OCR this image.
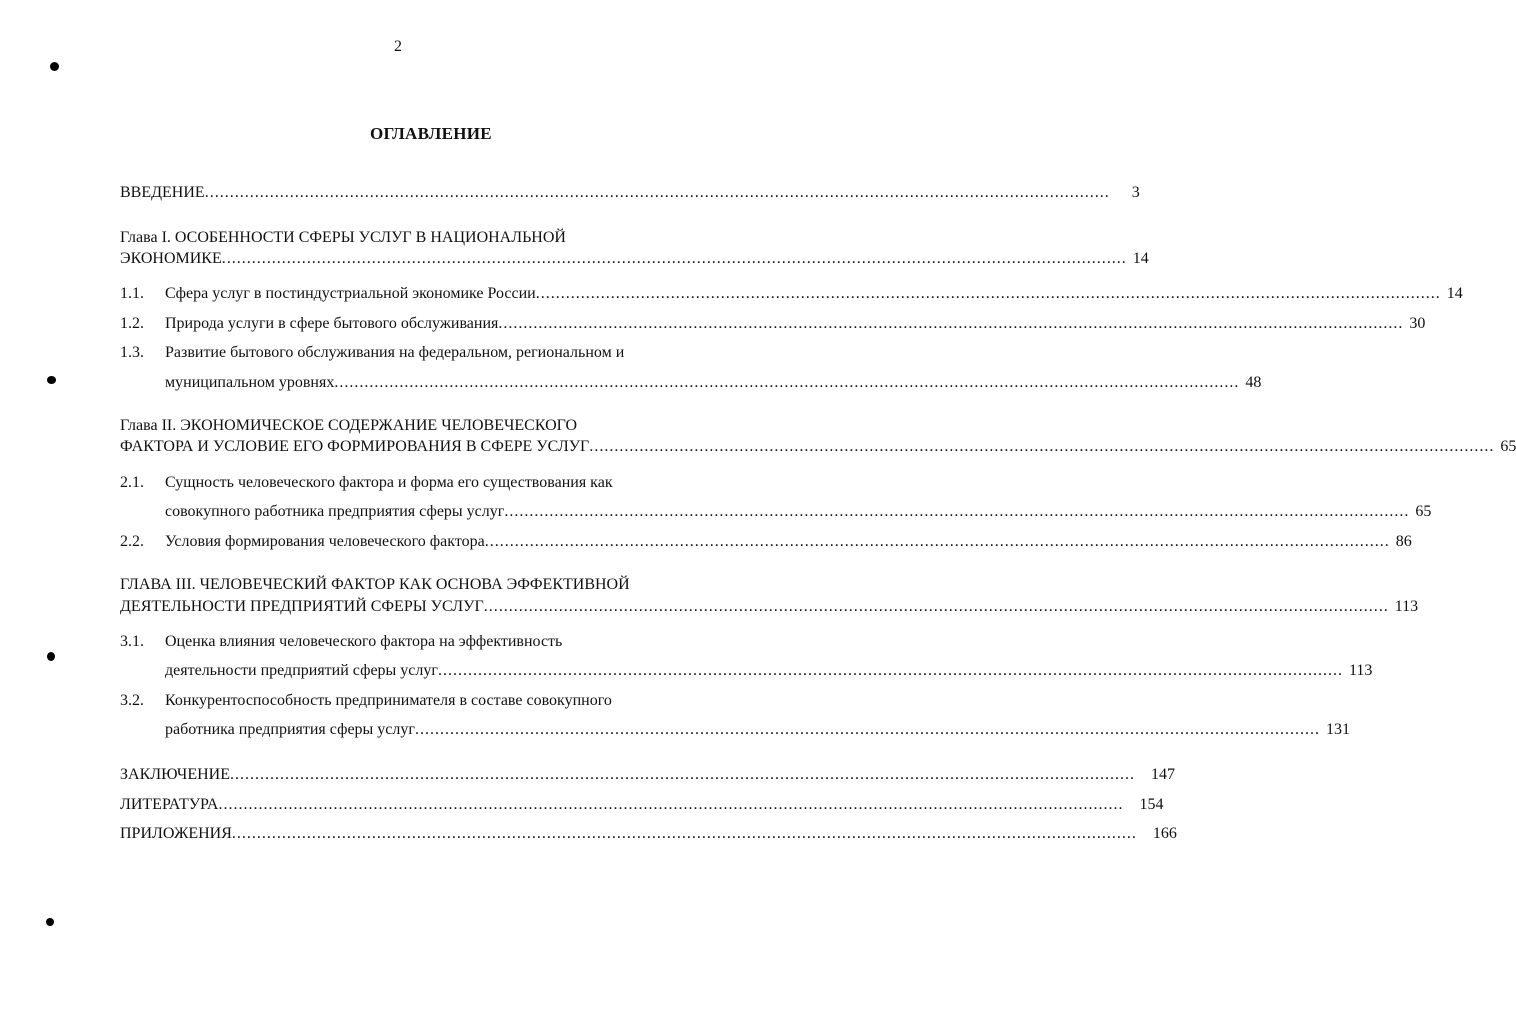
2
ОГЛАВЛЕНИЕ
ВВЕДЕНИЕ .....................................................................................................................................................................................	3
Глава I. ОСОБЕННОСТИ СФЕРЫ УСЛУГ В НАЦИОНАЛЬНОЙ
ЭКОНОМИКЕ ..................................................................................................................................................................................... 14
1.1. Сфера услуг в постиндустриальной экономике России ..................................................................................................................................................................................... 14
1.2. Природа услуги в сфере бытового обслуживания ..................................................................................................................................................................................... 30
1.3. Развитие бытового обслуживания на федеральном, региональном и
муниципальном уровнях ..................................................................................................................................................................................... 48
Глава II. ЭКОНОМИЧЕСКОЕ СОДЕРЖАНИЕ ЧЕЛОВЕЧЕСКОГО
ФАКТОРА И УСЛОВИЕ ЕГО ФОРМИРОВАНИЯ В СФЕРЕ УСЛУГ ..................................................................................................................................................................................... 65
2.1. Сущность человеческого фактора и форма его существования как
совокупного работника предприятия сферы услуг ..................................................................................................................................................................................... 65
2.2. Условия формирования человеческого фактора ..................................................................................................................................................................................... 86
ГЛАВА III. ЧЕЛОВЕЧЕСКИЙ ФАКТОР КАК ОСНОВА ЭФФЕКТИВНОЙ
ДЕЯТЕЛЬНОСТИ ПРЕДПРИЯТИЙ СФЕРЫ УСЛУГ ..................................................................................................................................................................................... 113
3.1. Оценка влияния человеческого фактора на эффективность
деятельности предприятий сферы услуг ..................................................................................................................................................................................... 113
3.2. Конкурентоспособность предпринимателя в составе совокупного
работника предприятия сферы услуг ..................................................................................................................................................................................... 131
ЗАКЛЮЧЕНИЕ .....................................................................................................................................................................................	147
ЛИТЕРАТУРА .....................................................................................................................................................................................	154
ПРИЛОЖЕНИЯ .....................................................................................................................................................................................	166
